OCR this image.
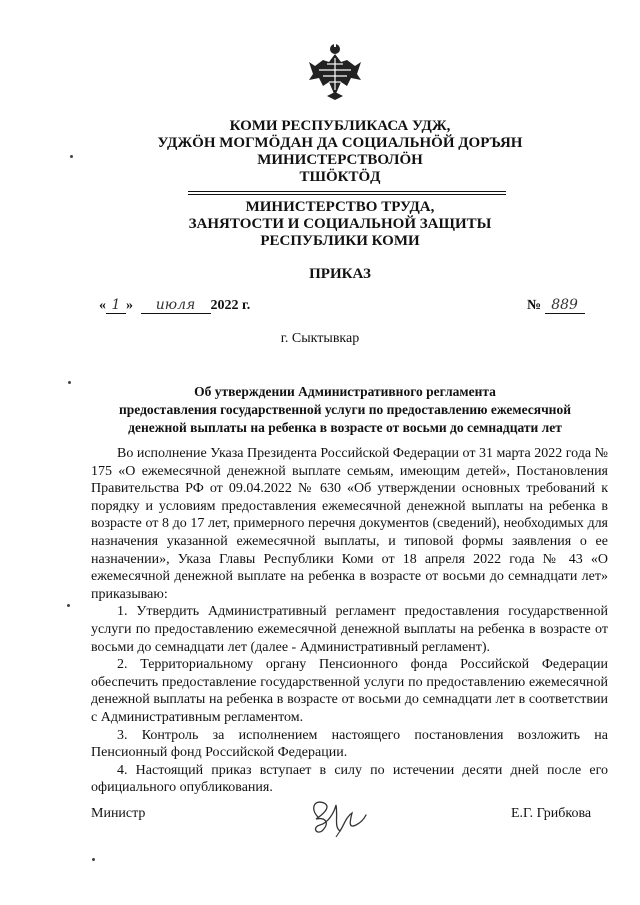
КОМИ РЕСПУБЛИКАСА УДЖ,
УДЖÖН МОГМÖДАН ДА СОЦИАЛЬНÖЙ ДОРЪЯН
МИНИСТЕРСТВОЛÖН
ТШÖКТÖД
МИНИСТЕРСТВО ТРУДА,
ЗАНЯТОСТИ И СОЦИАЛЬНОЙ ЗАЩИТЫ
РЕСПУБЛИКИ КОМИ
ПРИКАЗ
« 1 » июля 2022 г.	№ 889
г. Сыктывкар
Об утверждении Административного регламента
предоставления государственной услуги по предоставлению ежемесячной
денежной выплаты на ребенка в возрасте от восьми до семнадцати лет

Во исполнение Указа Президента Российской Федерации от 31 марта 2022 года № 175 «О ежемесячной денежной выплате семьям, имеющим детей», Постановления Правительства РФ от 09.04.2022 № 630 «Об утверждении основных требований к порядку и условиям предоставления ежемесячной денежной выплаты на ребенка в возрасте от 8 до 17 лет, примерного перечня документов (сведений), необходимых для назначения указанной ежемесячной выплаты, и типовой формы заявления о ее назначении», Указа Главы Республики Коми от 18 апреля 2022 года № 43 «О ежемесячной денежной выплате на ребенка в возрасте от восьми до семнадцати лет» приказываю:

1. Утвердить Административный регламент предоставления государственной услуги по предоставлению ежемесячной денежной выплаты на ребенка в возрасте от восьми до семнадцати лет (далее - Административный регламент).

2. Территориальному органу Пенсионного фонда Российской Федерации обеспечить предоставление государственной услуги по предоставлению ежемесячной денежной выплаты на ребенка в возрасте от восьми до семнадцати лет в соответствии с Административным регламентом.

3. Контроль за исполнением настоящего постановления возложить на Пенсионный фонд Российской Федерации.

4. Настоящий приказ вступает в силу по истечении десяти дней после его официального опубликования.

Министр	Е.Г. Грибкова
